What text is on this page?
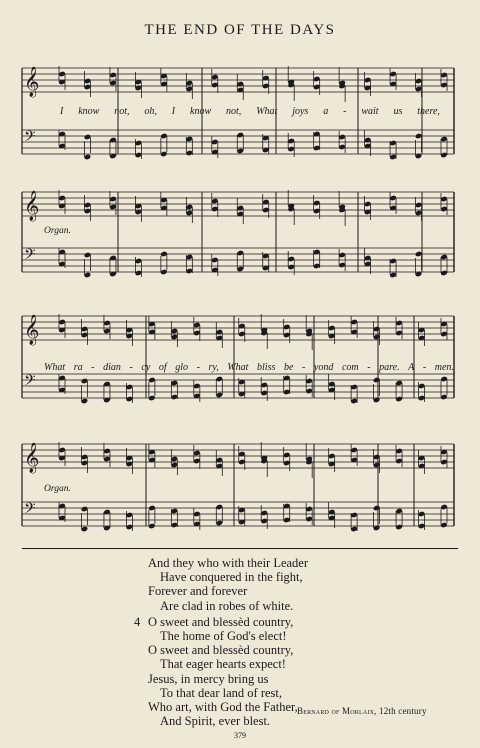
THE END OF THE DAYS
𝄞
𝄢
I know not, oh, I know not, What joys a - wait us there,
𝄞
𝄢
Organ.
𝄞
𝄢
What ra - dian - cy of glo - ry, What bliss be - yond com - pare. A - men.
𝄞
𝄢
Organ.
And they who with their Leader
Have conquered in the fight,
Forever and forever
Are clad in robes of white.
4 O sweet and blessèd country,
The home of God's elect!
O sweet and blessèd country,
That eager hearts expect!
Jesus, in mercy bring us
To that dear land of rest,
Who art, with God the Father,
And Spirit, ever blest.
Bernard of Morlaix, 12th century
379
